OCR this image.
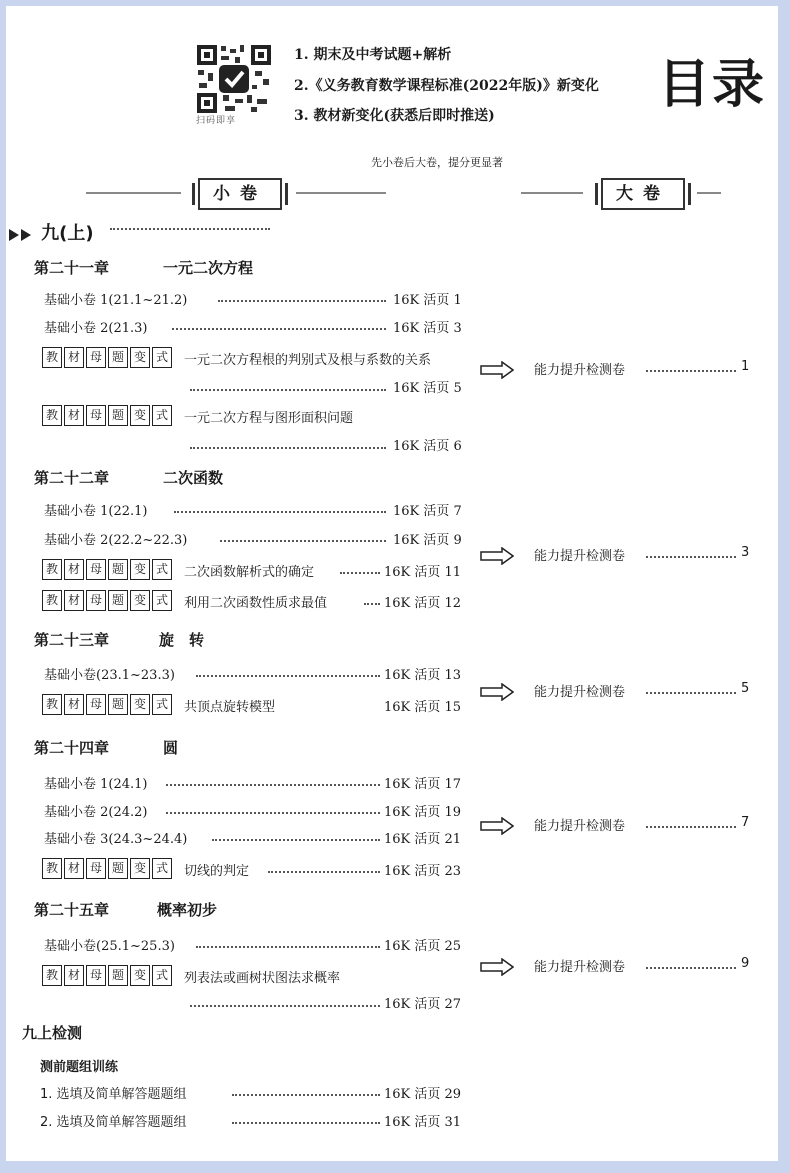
扫码即享
1. 期末及中考试题+解析
2.《义务教育数学课程标准(2022年版)》新变化
3. 教材新变化(获悉后即时推送)
目录
先小卷后大卷，提分更显著
小卷	大卷
九(上)
第二十一章	一元二次方程
基础小卷 1(21.1~21.2)	16K 活页 1
基础小卷 2(21.3)	16K 活页 3
教 材 母 题 变 式	一元二次方程根的判别式及根与系数的关系
16K 活页 5
教 材 母 题 变 式	一元二次方程与图形面积问题
16K 活页 6
能力提升检测卷	1
第二十二章	二次函数
基础小卷 1(22.1)	16K 活页 7
基础小卷 2(22.2~22.3)	16K 活页 9
教 材 母 题 变 式	二次函数解析式的确定	16K 活页 11
教 材 母 题 变 式	利用二次函数性质求最值	16K 活页 12
能力提升检测卷	3
第二十三章	旋　转
基础小卷(23.1~23.3)	16K 活页 13
教 材 母 题 变 式	共顶点旋转模型	16K 活页 15
能力提升检测卷	5
第二十四章	圆
基础小卷 1(24.1)	16K 活页 17
基础小卷 2(24.2)	16K 活页 19
基础小卷 3(24.3~24.4)	16K 活页 21
教 材 母 题 变 式	切线的判定	16K 活页 23
能力提升检测卷	7
第二十五章	概率初步
基础小卷(25.1~25.3)	16K 活页 25
教 材 母 题 变 式	列表法或画树状图法求概率
16K 活页 27
能力提升检测卷	9
九上检测
测前题组训练
1. 选填及简单解答题题组	16K 活页 29
2. 选填及简单解答题题组	16K 活页 31
